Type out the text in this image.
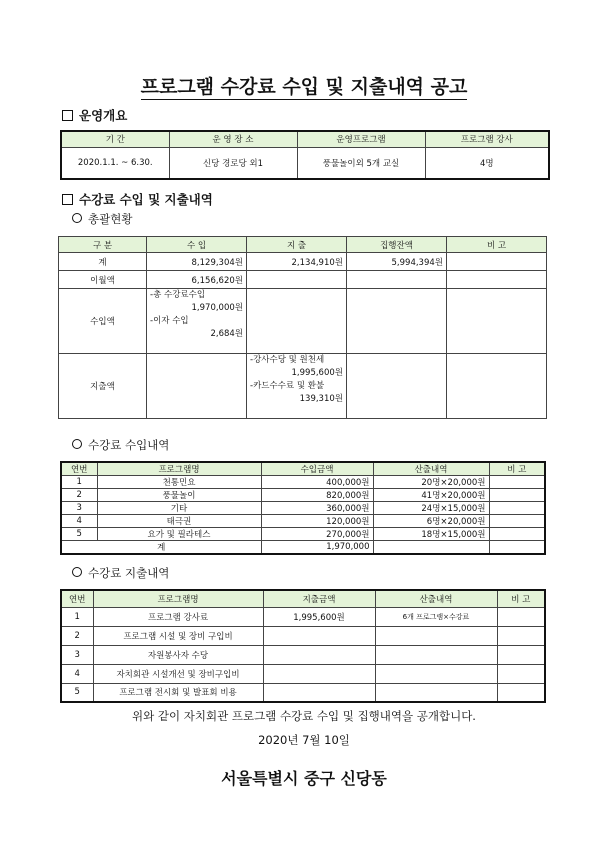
프로그램 수강료 수입 및 지출내역 공고
운영개요
기 간	운 영 장 소	운영프로그램	프로그램 강사
2020.1.1. ~ 6.30.	신당 경로당 외1	풍물놀이외 5개 교실	4명
수강료 수입 및 지출내역
총괄현황
구 분	수 입	지 출	집행잔액	비 고
계	8,129,304원	2,134,910원	5,994,394원	
이월액	6,156,620원			
수입액	-총 수강료수입
1,970,000원
-이자 수입
2,684원			

지출액		-강사수당 및 원천세
1,995,600원
-카드수수료 및 환불
139,310원		

수강료 수입내역
연번	프로그램명	수입금액	산출내역	비 고
1	천통민요	400,000원	20명×20,000원	
2	풍물놀이	820,000원	41명×20,000원	
3	기타	360,000원	24명×15,000원	
4	태극권	120,000원	6명×20,000원	
5	요가 및 필라테스	270,000원	18명×15,000원	
계		1,970,000		
수강료 지출내역
연번	프로그램명	지출금액	산출내역	비 고
1	프로그램 강사료	1,995,600원	6개 프로그램×수강료	
2	프로그램 시설 및 장비 구입비			
3	자원봉사자 수당			
4	자치회관 시설개선 및 장비구입비			
5	프로그램 전시회 및 발표회 비용			
위와 같이 자치회관 프로그램 수강료 수입 및 집행내역을 공개합니다.
2020년 7월 10일
서울특별시 중구 신당동
